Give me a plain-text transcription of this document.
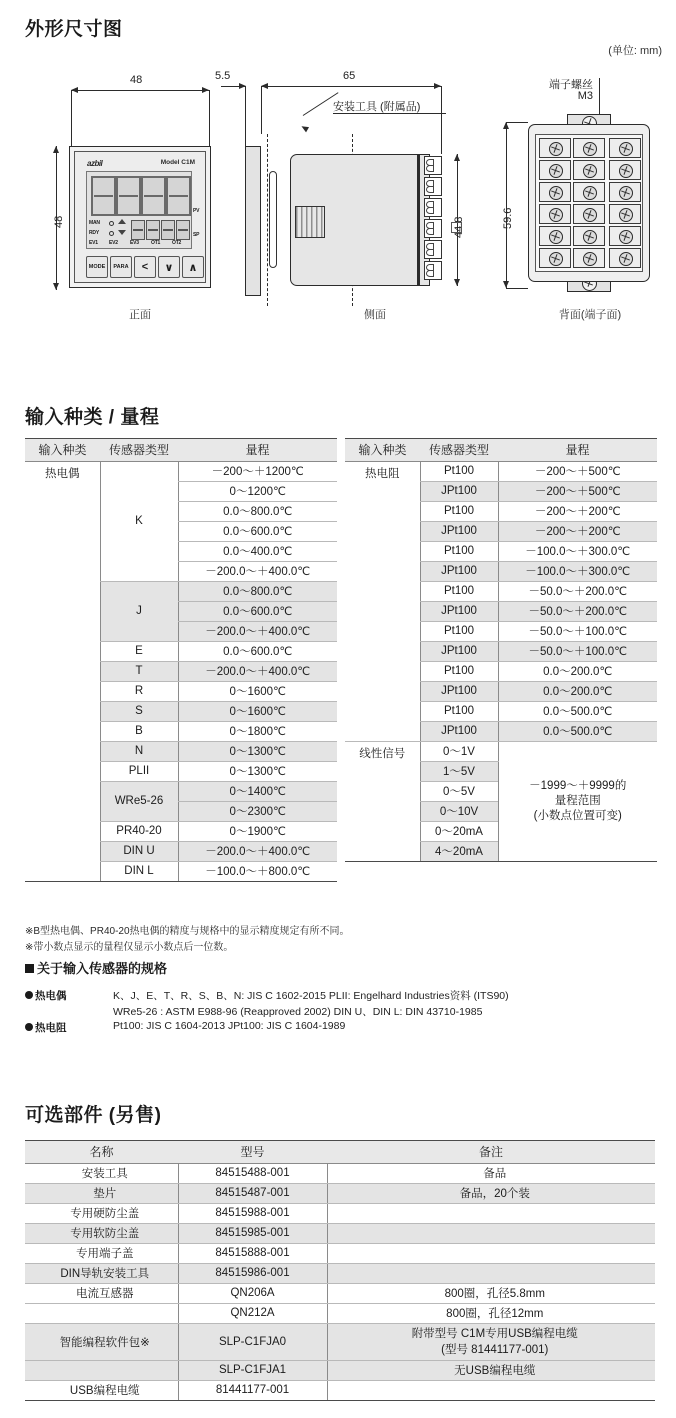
外形尺寸图
(单位: mm)
48
48
azbil	Model C1M
MAN
RDY
EV1 EV2 EV3 OT1 OT2
PV
SP
MODE	PARA	<	∨	∧
正面
5.5	65
安装工具 (附属品)
44.8
侧面
端子螺丝
M3
59.6
背面(端子面)
输入种类 / 量程
输入种类	传感器类型	量程
热电偶	K	－200～＋1200℃
		0～1200℃
		0.0～800.0℃
		0.0～600.0℃
		0.0～400.0℃
		－200.0～＋400.0℃
	J	0.0～800.0℃
		0.0～600.0℃
		－200.0～＋400.0℃
	E	0.0～600.0℃
	T	－200.0～＋400.0℃
	R	0～1600℃
	S	0～1600℃
	B	0～1800℃
	N	0～1300℃
	PLII	0～1300℃
	WRe5-26	0～1400℃
		0～2300℃
	PR40-20	0～1900℃
	DIN U	－200.0～＋400.0℃
	DIN L	－100.0～＋800.0℃
输入种类	传感器类型	量程
热电阻	Pt100	－200～＋500℃
	JPt100	－200～＋500℃
	Pt100	－200～＋200℃
	JPt100	－200～＋200℃
	Pt100	－100.0～＋300.0℃
	JPt100	－100.0～＋300.0℃
	Pt100	－50.0～＋200.0℃
	JPt100	－50.0～＋200.0℃
	Pt100	－50.0～＋100.0℃
	JPt100	－50.0～＋100.0℃
	Pt100	0.0～200.0℃
	JPt100	0.0～200.0℃
	Pt100	0.0～500.0℃
	JPt100	0.0～500.0℃
线性信号	0～1V	－1999～＋9999的
量程范围
(小数点位置可变)

	1～5V	
	0～5V	
	0～10V	
	0～20mA	
	4～20mA	
※B型热电偶、PR40-20热电偶的精度与规格中的显示精度规定有所不同。
※带小数点显示的量程仅显示小数点后一位数。
关于输入传感器的规格
热电偶	K、J、E、T、R、S、B、N: JIS C 1602-2015 PLII: Engelhard Industries资料 (ITS90)
WRe5-26 : ASTM E988-96 (Reapproved 2002) DIN U、DIN L: DIN 43710-1985
热电阻	Pt100: JIS C 1604-2013 JPt100: JIS C 1604-1989
可选部件 (另售)
名称	型号	备注
安装工具	84515488-001	备品
垫片	84515487-001	备品，20个装
专用硬防尘盖	84515988-001	
专用软防尘盖	84515985-001	
专用端子盖	84515888-001	
DIN导轨安装工具	84515986-001	
电流互感器	QN206A	800圈，孔径5.8mm
	QN212A	800圈，孔径12mm
智能编程软件包※	SLP-C1FJA0	附带型号 C1M专用USB编程电缆
(型号 81441177-001)

	SLP-C1FJA1	无USB编程电缆
USB编程电缆	81441177-001	
